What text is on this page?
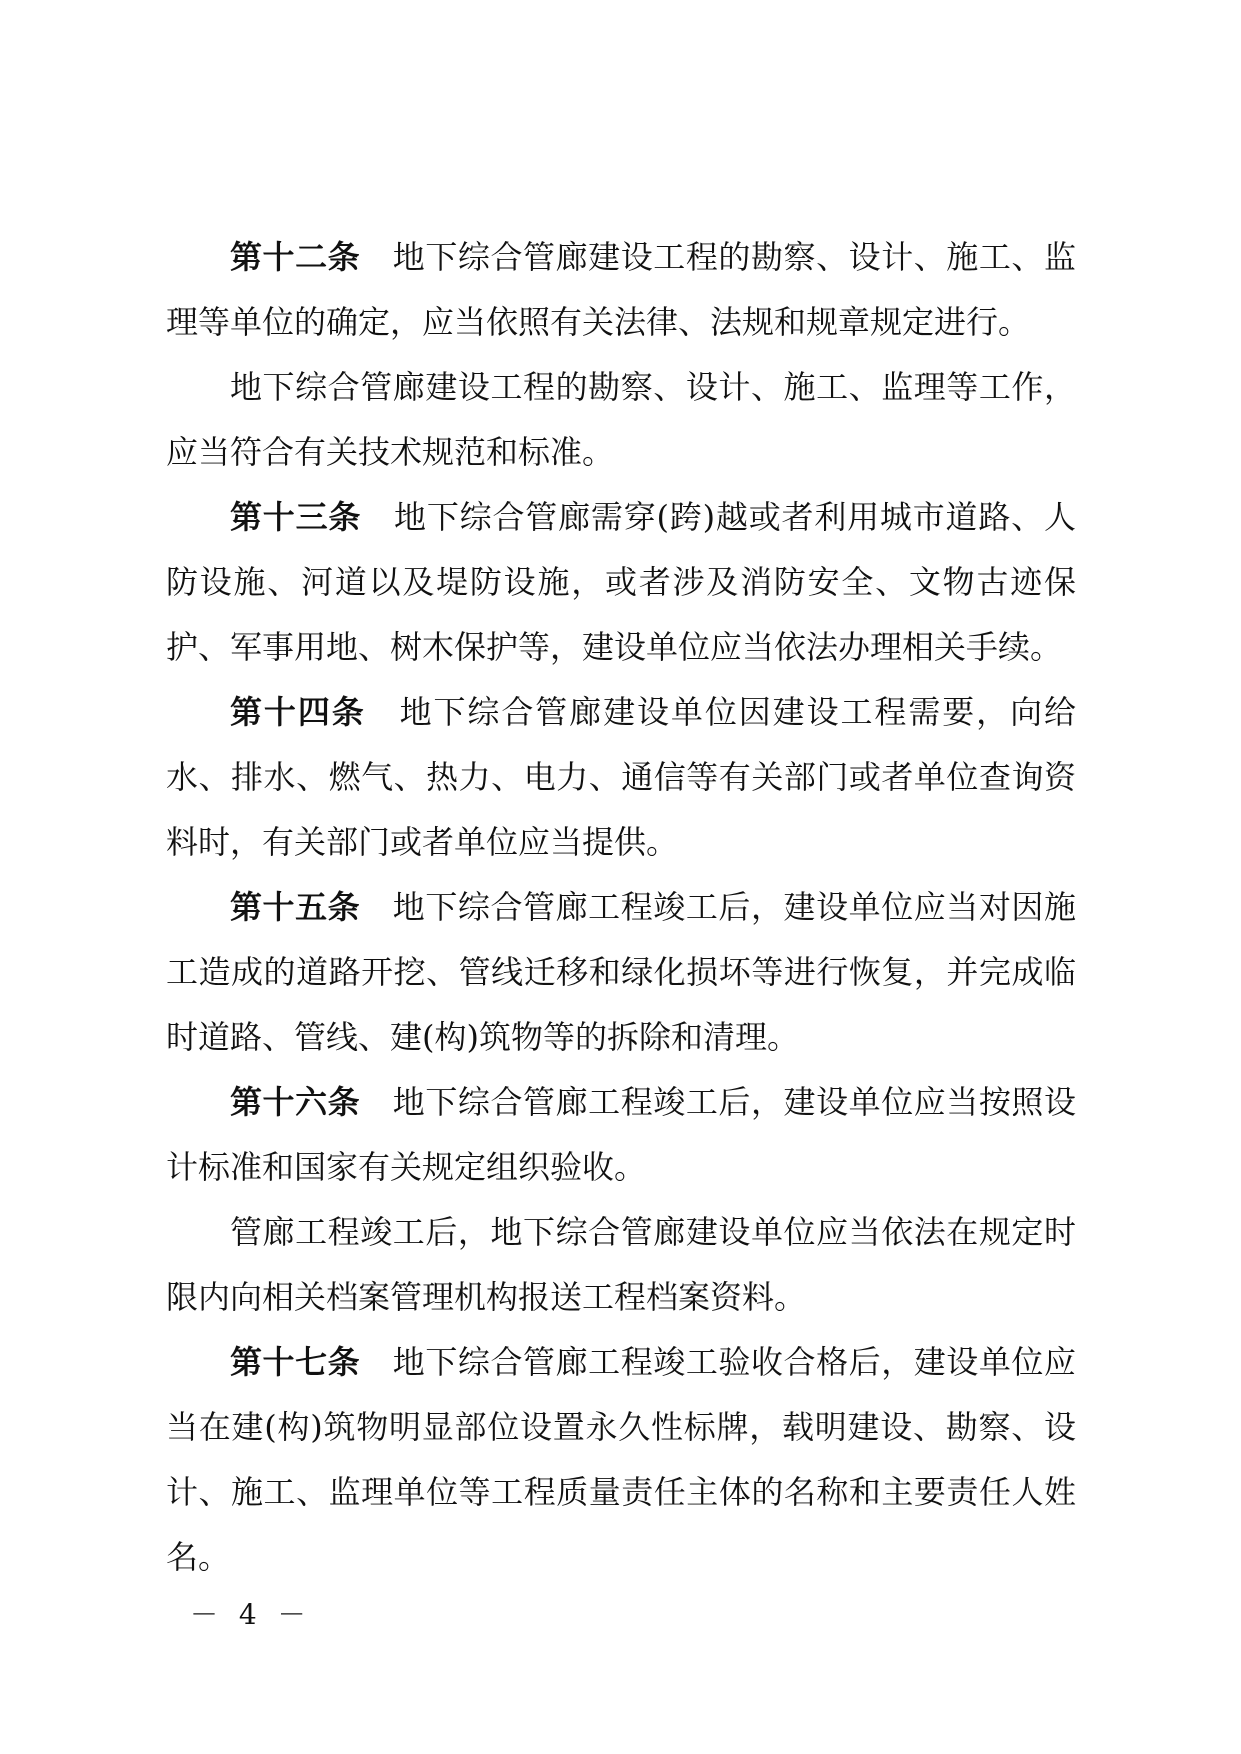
第十二条 地下综合管廊建设工程的勘察、设计、施工、监理等单位的确定，应当依照有关法律、法规和规章规定进行。

地下综合管廊建设工程的勘察、设计、施工、监理等工作，应当符合有关技术规范和标准。

第十三条 地下综合管廊需穿(跨)越或者利用城市道路、人防设施、河道以及堤防设施，或者涉及消防安全、文物古迹保护、军事用地、树木保护等，建设单位应当依法办理相关手续。

第十四条 地下综合管廊建设单位因建设工程需要，向给水、排水、燃气、热力、电力、通信等有关部门或者单位查询资料时，有关部门或者单位应当提供。

第十五条 地下综合管廊工程竣工后，建设单位应当对因施工造成的道路开挖、管线迁移和绿化损坏等进行恢复，并完成临时道路、管线、建(构)筑物等的拆除和清理。

第十六条 地下综合管廊工程竣工后，建设单位应当按照设计标准和国家有关规定组织验收。

管廊工程竣工后，地下综合管廊建设单位应当依法在规定时限内向相关档案管理机构报送工程档案资料。

第十七条 地下综合管廊工程竣工验收合格后，建设单位应当在建(构)筑物明显部位设置永久性标牌，载明建设、勘察、设计、施工、监理单位等工程质量责任主体的名称和主要责任人姓名。

－ 4 －
